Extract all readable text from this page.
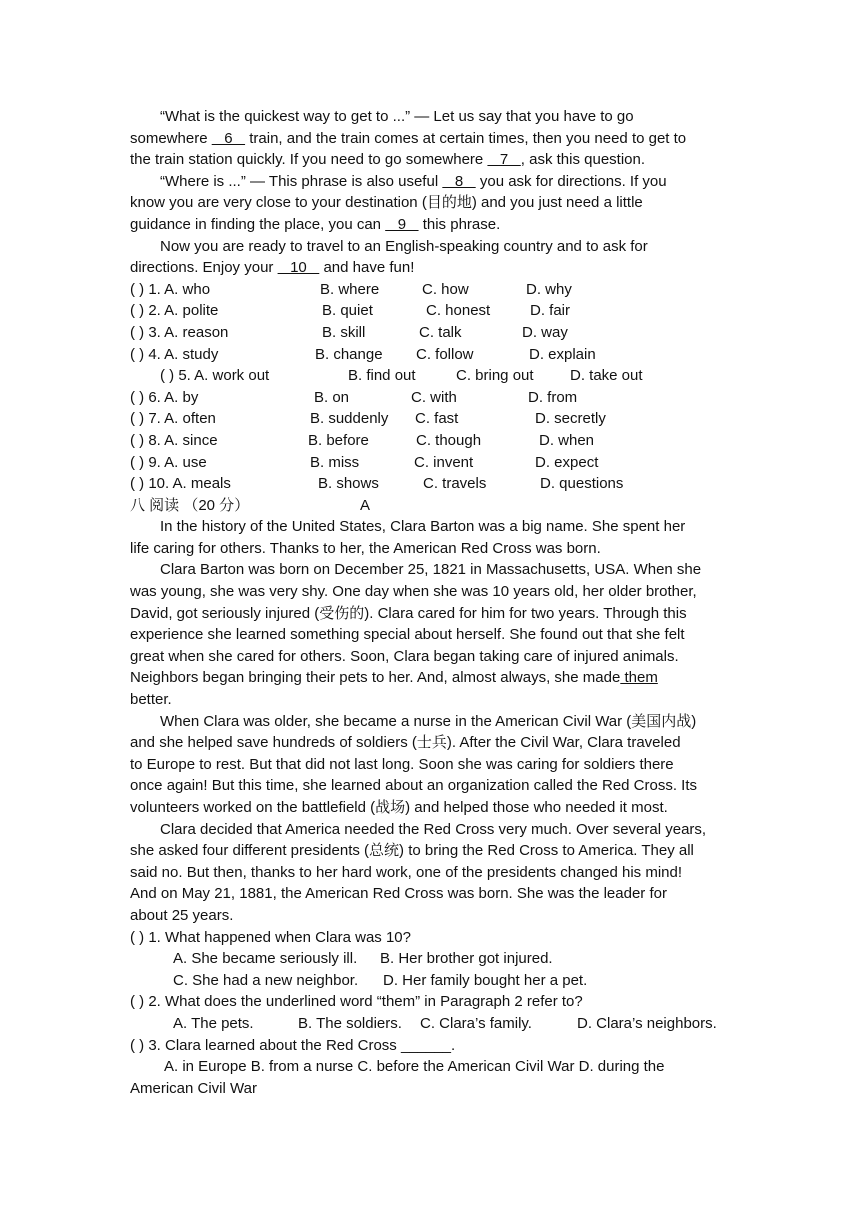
“What is the quickest way to get to ...” — Let us say that you have to go
somewhere    6    train, and the train comes at certain times, then you need to get to
the train station quickly. If you need to go somewhere    7   , ask this question.
“Where is ...” — This phrase is also useful    8    you ask for directions. If you
know you are very close to your destination (目的地) and you just need a little
guidance in finding the place, you can    9    this phrase.
Now you are ready to travel to an English-speaking country and to ask for
directions. Enjoy your    10    and have fun!
( ) 1. A. who	B. where	C. how	D. why
( ) 2. A. polite	B. quiet	C. honest	D. fair
( ) 3. A. reason	B. skill	C. talk	D. way
( ) 4. A. study	B. change C. follow	D. explain
( ) 5. A. work out	B. find out	C. bring out D. take out
( ) 6. A. by	B. on	C. with	D. from
( ) 7. A. often	B. suddenly C. fast	D. secretly
( ) 8. A. since	B. before	C. though	D. when
( ) 9. A. use	B. miss	C. invent	D. expect
( ) 10. A. meals	B. shows	C. travels	D. questions
八 阅读 （20 分）	A
In the history of the United States, Clara Barton was a big name. She spent her
life caring for others. Thanks to her, the American Red Cross was born.
Clara Barton was born on December 25, 1821 in Massachusetts, USA. When she
was young, she was very shy. One day when she was 10 years old, her older brother,
David, got seriously injured (受伤的). Clara cared for him for two years. Through this
experience she learned something special about herself. She found out that she felt
great when she cared for others. Soon, Clara began taking care of injured animals.
Neighbors began bringing their pets to her. And, almost always, she made them
better.
When Clara was older, she became a nurse in the American Civil War (美国内战)
and she helped save hundreds of soldiers (士兵). After the Civil War, Clara traveled
to Europe to rest. But that did not last long. Soon she was caring for soldiers there
once again! But this time, she learned about an organization called the Red Cross. Its
volunteers worked on the battlefield (战场) and helped those who needed it most.
Clara decided that America needed the Red Cross very much. Over several years,
she asked four different presidents (总统) to bring the Red Cross to America. They all
said no. But then, thanks to her hard work, one of the presidents changed his mind!
And on May 21, 1881, the American Red Cross was born. She was the leader for
about 25 years.
( ) 1. What happened when Clara was 10?
A. She became seriously ill. B. Her brother got injured.
C. She had a new neighbor. D. Her family bought her a pet.
( ) 2. What does the underlined word “them” in Paragraph 2 refer to?
A. The pets.	B. The soldiers. C. Clara’s family.	D. Clara’s neighbors.
( ) 3. Clara learned about the Red Cross ______.
A. in Europe B. from a nurse C. before the American Civil War D. during the
American Civil War
